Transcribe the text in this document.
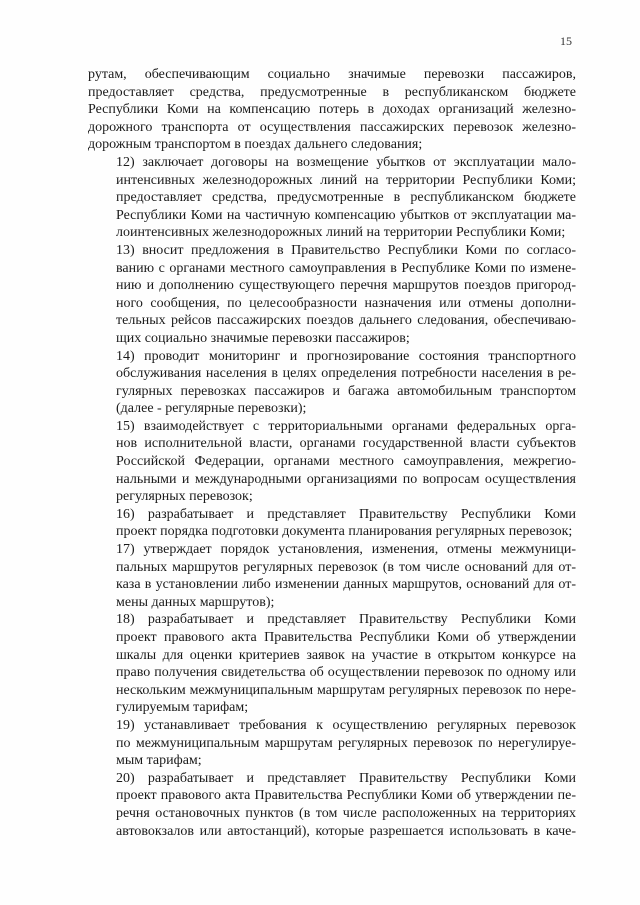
15

рутам, обеспечивающим социально значимые перевозки пассажиров,
предоставляет средства, предусмотренные в республиканском бюджете
Республики Коми на компенсацию потерь в доходах организаций железно-
дорожного транспорта от осуществления пассажирских перевозок железно-
дорожным транспортом в поездах дальнего следования;

12) заключает договоры на возмещение убытков от эксплуатации мало-
интенсивных железнодорожных линий на территории Республики Коми;
предоставляет средства, предусмотренные в республиканском бюджете
Республики Коми на частичную компенсацию убытков от эксплуатации ма-
лоинтенсивных железнодорожных линий на территории Республики Коми;

13) вносит предложения в Правительство Республики Коми по согласо-
ванию с органами местного самоуправления в Республике Коми по измене-
нию и дополнению существующего перечня маршрутов поездов пригород-
ного сообщения, по целесообразности назначения или отмены дополни-
тельных рейсов пассажирских поездов дальнего следования, обеспечиваю-
щих социально значимые перевозки пассажиров;

14) проводит мониторинг и прогнозирование состояния транспортного
обслуживания населения в целях определения потребности населения в ре-
гулярных перевозках пассажиров и багажа автомобильным транспортом
(далее - регулярные перевозки);

15) взаимодействует с территориальными органами федеральных орга-
нов исполнительной власти, органами государственной власти субъектов
Российской Федерации, органами местного самоуправления, межрегио-
нальными и международными организациями по вопросам осуществления
регулярных перевозок;

16) разрабатывает и представляет Правительству Республики Коми
проект порядка подготовки документа планирования регулярных перевозок;

17) утверждает порядок установления, изменения, отмены межмуници-
пальных маршрутов регулярных перевозок (в том числе оснований для от-
каза в установлении либо изменении данных маршрутов, оснований для от-
мены данных маршрутов);

18) разрабатывает и представляет Правительству Республики Коми
проект правового акта Правительства Республики Коми об утверждении
шкалы для оценки критериев заявок на участие в открытом конкурсе на
право получения свидетельства об осуществлении перевозок по одному или
нескольким межмуниципальным маршрутам регулярных перевозок по нере-
гулируемым тарифам;

19) устанавливает требования к осуществлению регулярных перевозок
по межмуниципальным маршрутам регулярных перевозок по нерегулируе-
мым тарифам;

20) разрабатывает и представляет Правительству Республики Коми
проект правового акта Правительства Республики Коми об утверждении пе-
речня остановочных пунктов (в том числе расположенных на территориях
автовокзалов или автостанций), которые разрешается использовать в каче-
